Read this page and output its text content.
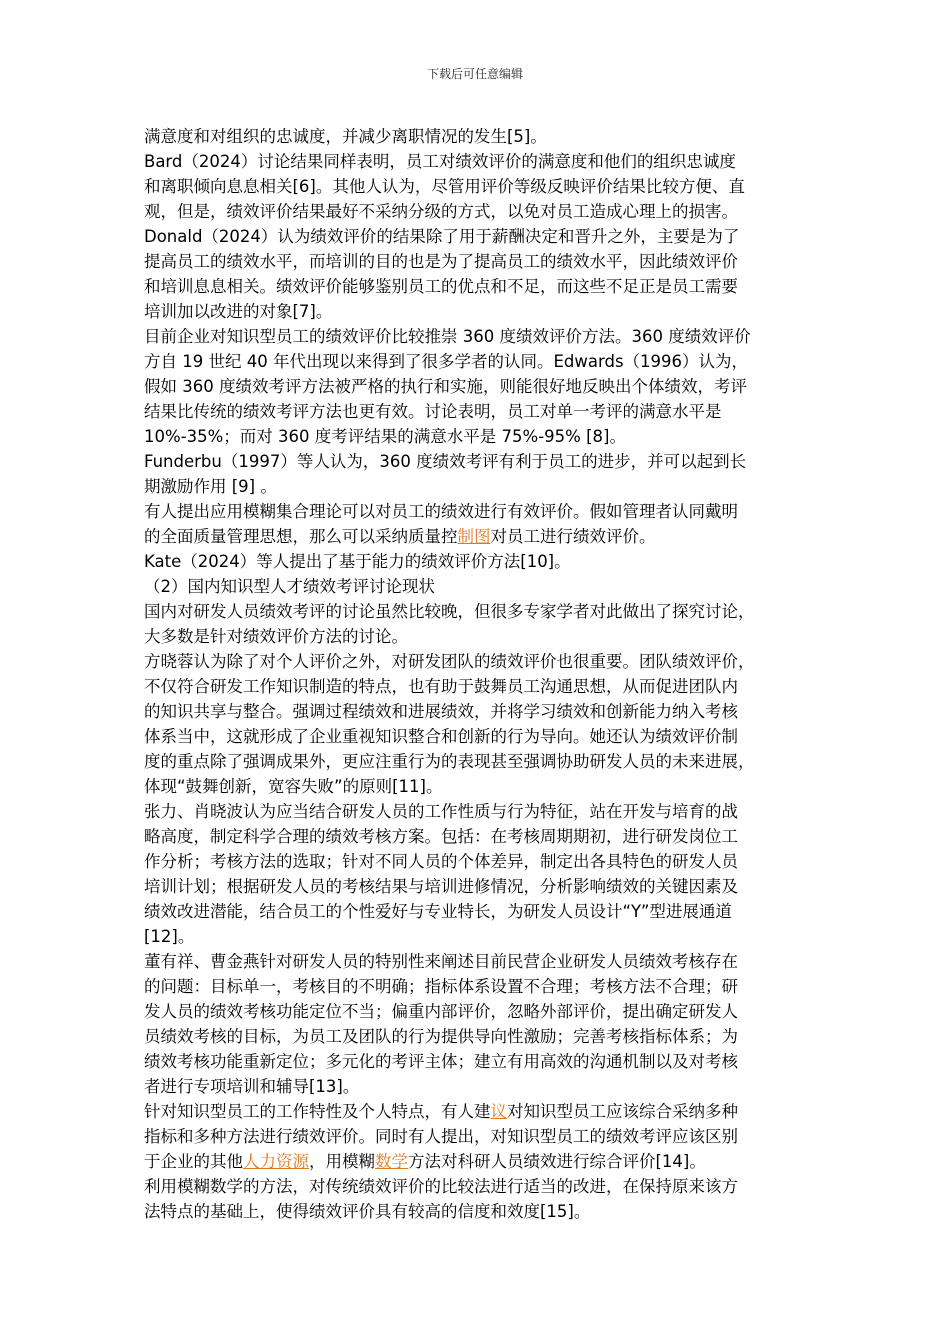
下载后可任意编辑
满意度和对组织的忠诚度，并减少离职情况的发生[5]。
Bard（2024）讨论结果同样表明，员工对绩效评价的满意度和他们的组织忠诚度
和离职倾向息息相关[6]。其他人认为，尽管用评价等级反映评价结果比较方便、直
观，但是，绩效评价结果最好不采纳分级的方式，以免对员工造成心理上的损害。
Donald（2024）认为绩效评价的结果除了用于薪酬决定和晋升之外，主要是为了
提高员工的绩效水平，而培训的目的也是为了提高员工的绩效水平，因此绩效评价
和培训息息相关。绩效评价能够鉴别员工的优点和不足，而这些不足正是员工需要
培训加以改进的对象[7]。
目前企业对知识型员工的绩效评价比较推崇 360 度绩效评价方法。360 度绩效评价
方自 19 世纪 40 年代出现以来得到了很多学者的认同。Edwards（1996）认为，
假如 360 度绩效考评方法被严格的执行和实施，则能很好地反映出个体绩效，考评
结果比传统的绩效考评方法也更有效。讨论表明，员工对单一考评的满意水平是
10%-35%；而对 360 度考评结果的满意水平是 75%-95% [8]。
Funderbu（1997）等人认为，360 度绩效考评有利于员工的进步，并可以起到长
期激励作用 [9] 。
有人提出应用模糊集合理论可以对员工的绩效进行有效评价。假如管理者认同戴明
的全面质量管理思想，那么可以采纳质量控制图对员工进行绩效评价。
Kate（2024）等人提出了基于能力的绩效评价方法[10]。
（2）国内知识型人才绩效考评讨论现状
国内对研发人员绩效考评的讨论虽然比较晚，但很多专家学者对此做出了探究讨论，
大多数是针对绩效评价方法的讨论。
方晓蓉认为除了对个人评价之外，对研发团队的绩效评价也很重要。团队绩效评价，
不仅符合研发工作知识制造的特点，也有助于鼓舞员工沟通思想，从而促进团队内
的知识共享与整合。强调过程绩效和进展绩效，并将学习绩效和创新能力纳入考核
体系当中，这就形成了企业重视知识整合和创新的行为导向。她还认为绩效评价制
度的重点除了强调成果外，更应注重行为的表现甚至强调协助研发人员的未来进展，
体现“鼓舞创新，宽容失败”的原则[11]。
张力、肖晓波认为应当结合研发人员的工作性质与行为特征，站在开发与培育的战
略高度，制定科学合理的绩效考核方案。包括：在考核周期期初，进行研发岗位工
作分析；考核方法的选取；针对不同人员的个体差异，制定出各具特色的研发人员
培训计划；根据研发人员的考核结果与培训进修情况，分析影响绩效的关键因素及
绩效改进潜能，结合员工的个性爱好与专业特长，为研发人员设计“Y”型进展通道
[12]。
董有祥、曹金燕针对研发人员的特别性来阐述目前民营企业研发人员绩效考核存在
的问题：目标单一，考核目的不明确；指标体系设置不合理；考核方法不合理；研
发人员的绩效考核功能定位不当；偏重内部评价，忽略外部评价，提出确定研发人
员绩效考核的目标，为员工及团队的行为提供导向性激励；完善考核指标体系；为
绩效考核功能重新定位；多元化的考评主体；建立有用高效的沟通机制以及对考核
者进行专项培训和辅导[13]。
针对知识型员工的工作特性及个人特点，有人建议对知识型员工应该综合采纳多种
指标和多种方法进行绩效评价。同时有人提出，对知识型员工的绩效考评应该区别
于企业的其他人力资源，用模糊数学方法对科研人员绩效进行综合评价[14]。
利用模糊数学的方法，对传统绩效评价的比较法进行适当的改进，在保持原来该方
法特点的基础上，使得绩效评价具有较高的信度和效度[15]。
